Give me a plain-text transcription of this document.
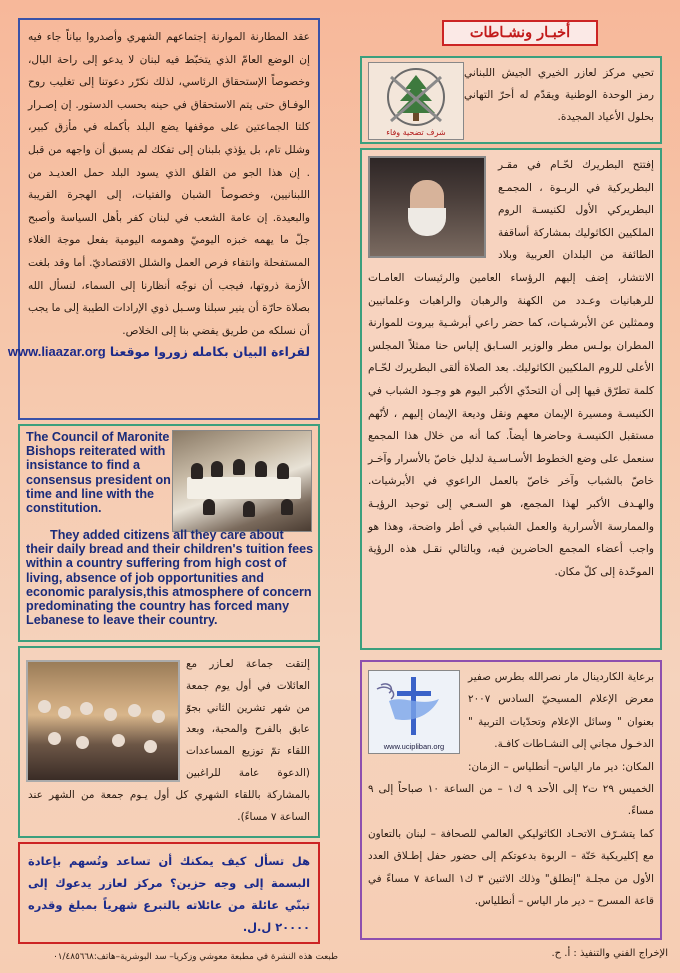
أخبـار ونشـاطات
شرف تضحية وفاء
تحيي مركز لعازر الخيري الجيش اللبناني رمز الوحدة الوطنية ويقدّم له أحرّ التهاني بحلول الأعياد المجيدة.
إفتتح البطريرك لحّـام في مقـر البطريركية في الربـوة ، المجمـع البطريركي الأول لكنيسـة الروم الملكيين الكاثوليك بمشاركة أساقفة الطائفة من البلدان العربية وبلاد الانتشار، إضف إليهم الرؤساء العامين والرئيسات العامـات للرهبانيات وعـدد من الكهنة والرهبان والراهبات وعلمانيين وممثلين عن الأبرشـيات، كما حضر راعي أبرشـية بيروت للموارنة المطران بولـس مطر والوزير السـابق إلياس حنا ممثلاً المجلس الأعلى للروم الملكيين الكاثوليك. بعد الصلاة ألقى البطريرك لحّـام كلمة تطرّق فيها إلى أن التحدّي الأكبر اليوم هو وجـود الشباب في الكنيسـة ومسيرة الإيمان معهم ونقل وديعة الإيمان إليهم ، لأنّهم مستقبل الكنيسـة وحاضرها أيضاً. كما أنه من خلال هذا المجمع سنعمل على وضع الخطوط الأسـاسـية لدليل خاصّ بالأسرار وآخـر خاصّ بالشباب وآخر خاصّ بالعمل الراعوي في الأبرشيات. والهـدف الأكبر لهذا المجمع، هو السـعي إلى توحيد الرؤيـة والممارسة الأسرارية والعمل الشبابي في أطر واضحة، وهذا هو واجب أعضاء المجمع الحاضرين فيه، وبالتالي نقـل هذه الرؤية الموحّدة إلى كلّ مكان.
www.ucipliban.org
برعاية الكاردينال مار نصرالله بطرس صفير معرض الإعلام المسيحيّ السادس ٢٠٠٧ بعنوان " وسائل الإعلام وتحدّيات التربية " الدخـول مجاني إلى النشـاطات كافـة.
المكان: دير مار الياس– أنطلياس – الزمان: الخميس ٢٩ ت٢ إلى الأحد ٩ ك١ – من الساعة ١٠ صباحاً إلى ٩ مساءً.
كما يتشـرّف الاتحـاد الكاثوليكي العالمي للصحافة – لبنان بالتعاون مع إكليريكية حَنّة – الربوة بدعوتكم إلى حضور حفل إطـلاق العدد الأول من مجلـة "إنطلق" وذلك الاثنين ٣ ك١ الساعة ٧ مساءً في قاعة المسرح – دير مار الياس – أنطلياس.
عقد المطارنة الموارنة إجتماعهم الشهري وأصدروا بياناً جاء فيه إن الوضع العامّ الذي يتخبّط فيه لبنان لا يدعو إلى راحة البال، وخصوصاً الإستحقاق الرئاسي، لذلك نكرّر دعوتنا إلى تغليب روح الوفـاق حتى يتم الاستحقاق في حينه بحسب الدستور. إن إصـرار كلتا الجماعتين على موقفها يضع البلد بأكمله في مأزق كبير، وشلل تام، بل يؤذي بلبنان إلى تفكك لم يسبق أن واجهه من قبل . إن هذا الجو من القلق الذي يسود البلد حمل العديـد من اللبنانيين، وخصوصاً الشبان والفتيات، إلى الهجرة القريبة والبعيدة. إن عامة الشعب في لبنان كفر بأهل السياسة وأصبح جلّ ما يهمه خبزه اليوميّ وهمومه اليومية بفعل موجة الغلاء المستفحلة وانتفاء فرص العمل والشلل الاقتصاديّ. أما وقد بلغت الأزمة ذروتها، فيجب أن نوجّه أنظارنا إلى السماء، لنسأل الله بصلاة حارّة أن ينير سبلنا وسـبل ذوي الإرادات الطيبة إلى ما يجب أن نسلكه من طريق يفضي بنا إلى الخلاص.
لقراءة البيان بكامله زوروا موقعنا www.liaazar.org
The Council of Maronite Bishops reiterated with insistance to find a consensus president on time and line with the constitution.
They added citizens all they care about their daily bread and their children's tuition fees within a country suffering from high cost of living, absence of job opportunities and economic paralysis,this atmosphere of concern predominating the country has forced many Lebanese to leave their country.
إلتقت جماعة لعـازر مع العائلات في أول يوم جمعة من شهر تشرين الثاني بجوّ عابق بالفرح والمحبة، وبعد اللقاء تمّ توزيع المساعدات (الدعوة عامة للراغبين بالمشاركة باللقاء الشهري كل أول يـوم جمعة من الشهر عند الساعة ٧ مساءً).
هل تسأل كيف يمكنك أن تساعد وتُسهم بإعادة البسمة إلى وجه حزين؟ مركز لعازر يدعوك إلى تبنّي عائلة من عائلاته بالتبرع شهرياً بمبلغ وقدره ٢٠٠٠٠ ل.ل.
الإخراج الفني والتنفيذ : أ. ح.
طبعت هذه النشرة في مطبعة معوشي وزكريا– سد البوشرية–هاتف:٠١/٤٨٥٦٦٨
